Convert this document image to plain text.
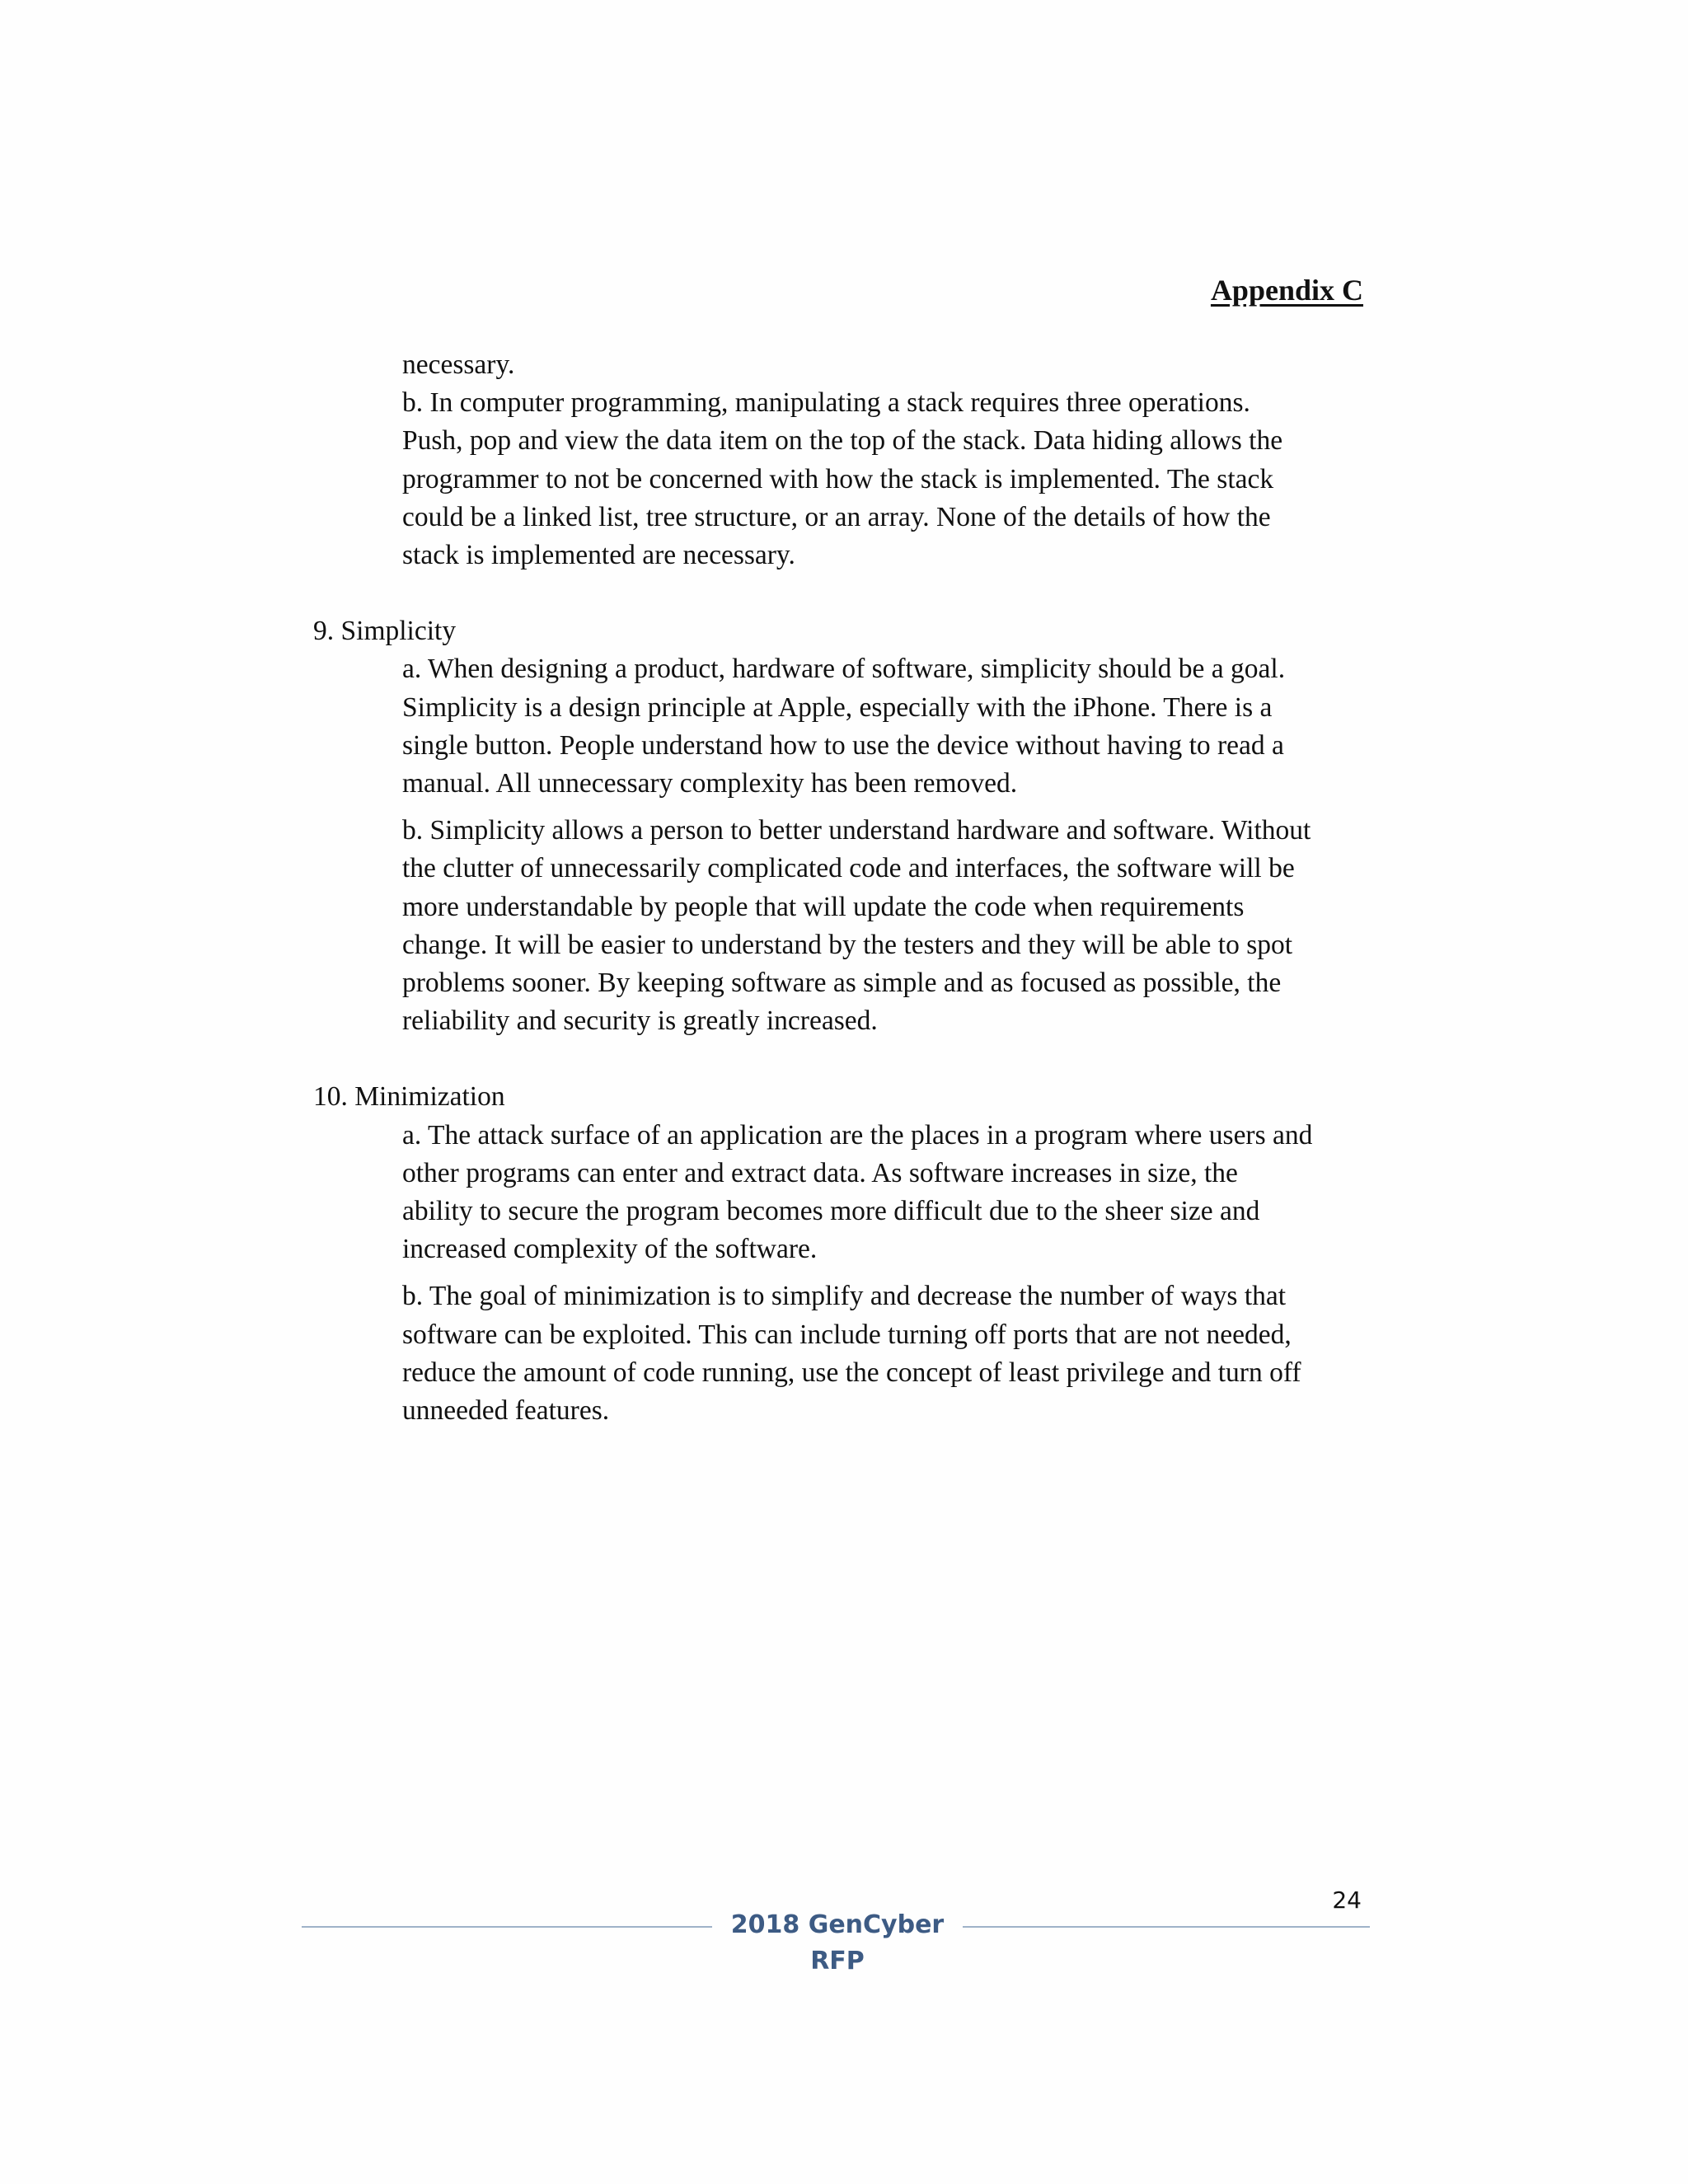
Appendix C

necessary.

b. In computer programming, manipulating a stack requires three operations.
Push, pop and view the data item on the top of the stack. Data hiding allows the
programmer to not be concerned with how the stack is implemented. The stack
could be a linked list, tree structure, or an array. None of the details of how the
stack is implemented are necessary.

9. Simplicity

a. When designing a product, hardware of software, simplicity should be a goal.
Simplicity is a design principle at Apple, especially with the iPhone. There is a
single button. People understand how to use the device without having to read a
manual. All unnecessary complexity has been removed.

b. Simplicity allows a person to better understand hardware and software. Without
the clutter of unnecessarily complicated code and interfaces, the software will be
more understandable by people that will update the code when requirements
change. It will be easier to understand by the testers and they will be able to spot
problems sooner. By keeping software as simple and as focused as possible, the
reliability and security is greatly increased.

10. Minimization

a. The attack surface of an application are the places in a program where users and
other programs can enter and extract data. As software increases in size, the
ability to secure the program becomes more difficult due to the sheer size and
increased complexity of the software.

b. The goal of minimization is to simplify and decrease the number of ways that
software can be exploited. This can include turning off ports that are not needed,
reduce the amount of code running, use the concept of least privilege and turn off
unneeded features.

2018 GenCyber RFP
24
